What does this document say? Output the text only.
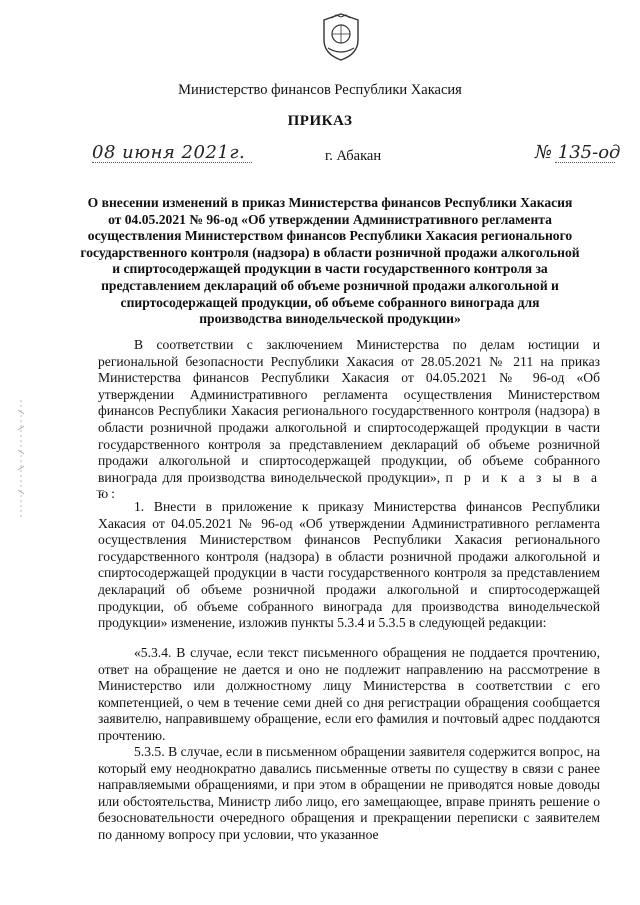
Министерство финансов Республики Хакасия
ПРИКАЗ
08 июня 2021г.	г. Абакан	№ 135-од
О внесении изменений в приказ Министерства финансов Республики Хакасия от 04.05.2021 № 96-од «Об утверждении Административного регламента осуществления Министерством финансов Республики Хакасия регионального государственного контроля (надзора) в области розничной продажи алкогольной и спиртосодержащей продукции в части государственного контроля за представлением деклараций об объеме розничной продажи алкогольной и спиртосодержащей продукции, об объеме собранного винограда для производства винодельческой продукции»

В соответствии с заключением Министерства по делам юстиции и региональной безопасности Республики Хакасия от 28.05.2021 № 211 на приказ Министерства финансов Республики Хакасия от 04.05.2021 № 96-од «Об утверждении Административного регламента осуществления Министерством финансов Республики Хакасия регионального государственного контроля (надзора) в области розничной продажи алкогольной и спиртосодержащей продукции в части государственного контроля за представлением деклараций об объеме розничной продажи алкогольной и спиртосодержащей продукции, об объеме собранного винограда для производства винодельческой продукции», п р и к а з ы в а ю:

1. Внести в приложение к приказу Министерства финансов Республики Хакасия от 04.05.2021 № 96-од «Об утверждении Административного регламента осуществления Министерством финансов Республики Хакасия регионального государственного контроля (надзора) в области розничной продажи алкогольной и спиртосодержащей продукции в части государственного контроля за представлением деклараций об объеме розничной продажи алкогольной и спиртосодержащей продукции, об объеме собранного винограда для производства винодельческой продукции» изменение, изложив пункты 5.3.4 и 5.3.5 в следующей редакции:

«5.3.4. В случае, если текст письменного обращения не поддается прочтению, ответ на обращение не дается и оно не подлежит направлению на рассмотрение в Министерство или должностному лицу Министерства в соответствии с его компетенцией, о чем в течение семи дней со дня регистрации обращения сообщается заявителю, направившему обращение, если его фамилия и почтовый адрес поддаются прочтению.

5.3.5. В случае, если в письменном обращении заявителя содержится вопрос, на который ему неоднократно давались письменные ответы по существу в связи с ранее направляемыми обращениями, и при этом в обращении не приводятся новые доводы или обстоятельства, Министр либо лицо, его замещающее, вправе принять решение о безосновательности очередного обращения и прекращении переписки с заявителем по данному вопросу при условии, что указанное
